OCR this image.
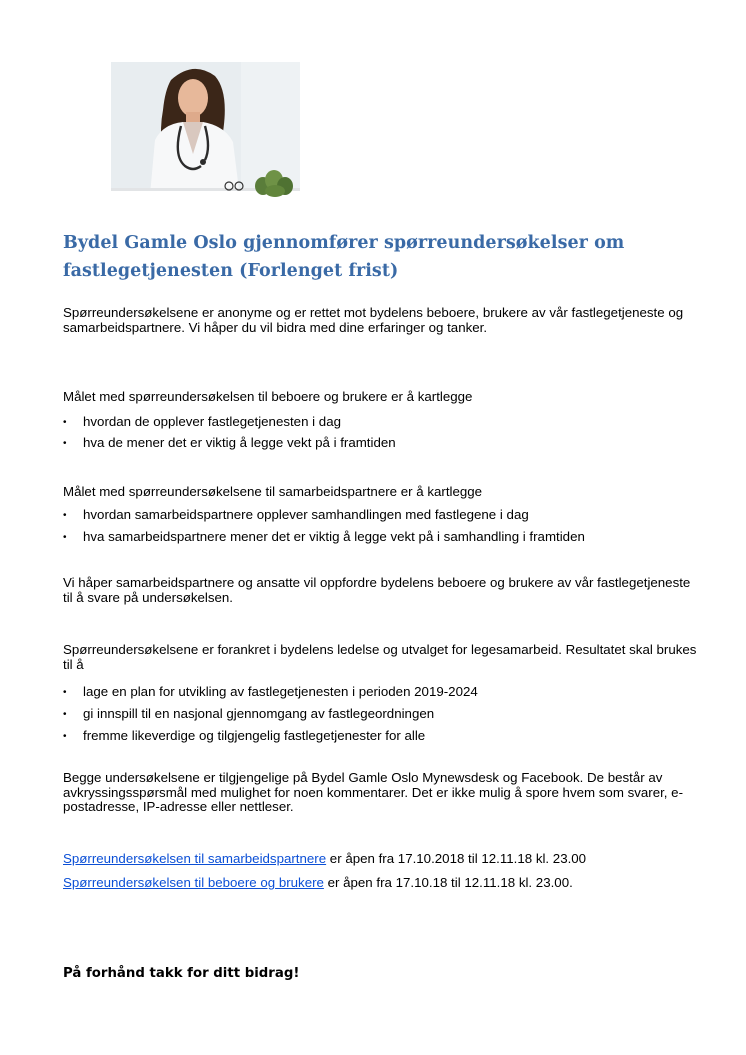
Bydel Gamle Oslo gjennomfører spørreundersøkelser om fastlegetjenesten (Forlenget frist)

Spørreundersøkelsene er anonyme og er rettet mot bydelens beboere, brukere av vår fastlegetjeneste og samarbeidspartnere. Vi håper du vil bidra med dine erfaringer og tanker.

Målet med spørreundersøkelsen til beboere og brukere er å kartlegge

• hvordan de opplever fastlegetjenesten i dag
• hva de mener det er viktig å legge vekt på i framtiden

Målet med spørreundersøkelsene til samarbeidspartnere er å kartlegge

• hvordan samarbeidspartnere opplever samhandlingen med fastlegene i dag
• hva samarbeidspartnere mener det er viktig å legge vekt på i samhandling i framtiden

Vi håper samarbeidspartnere og ansatte vil oppfordre bydelens beboere og brukere av vår fastlegetjeneste til å svare på undersøkelsen.

Spørreundersøkelsene er forankret i bydelens ledelse og utvalget for legesamarbeid. Resultatet skal brukes til å

• lage en plan for utvikling av fastlegetjenesten i perioden 2019-2024
• gi innspill til en nasjonal gjennomgang av fastlegeordningen
• fremme likeverdige og tilgjengelig fastlegetjenester for alle

Begge undersøkelsene er tilgjengelige på Bydel Gamle Oslo Mynewsdesk og Facebook. De består av avkryssingsspørsmål med mulighet for noen kommentarer. Det er ikke mulig å spore hvem som svarer, e-postadresse, IP-adresse eller nettleser.

Spørreundersøkelsen til samarbeidspartnere er åpen fra 17.10.2018 til 12.11.18 kl. 23.00
Spørreundersøkelsen til beboere og brukere er åpen fra 17.10.18 til 12.11.18 kl. 23.00.

På forhånd takk for ditt bidrag!
